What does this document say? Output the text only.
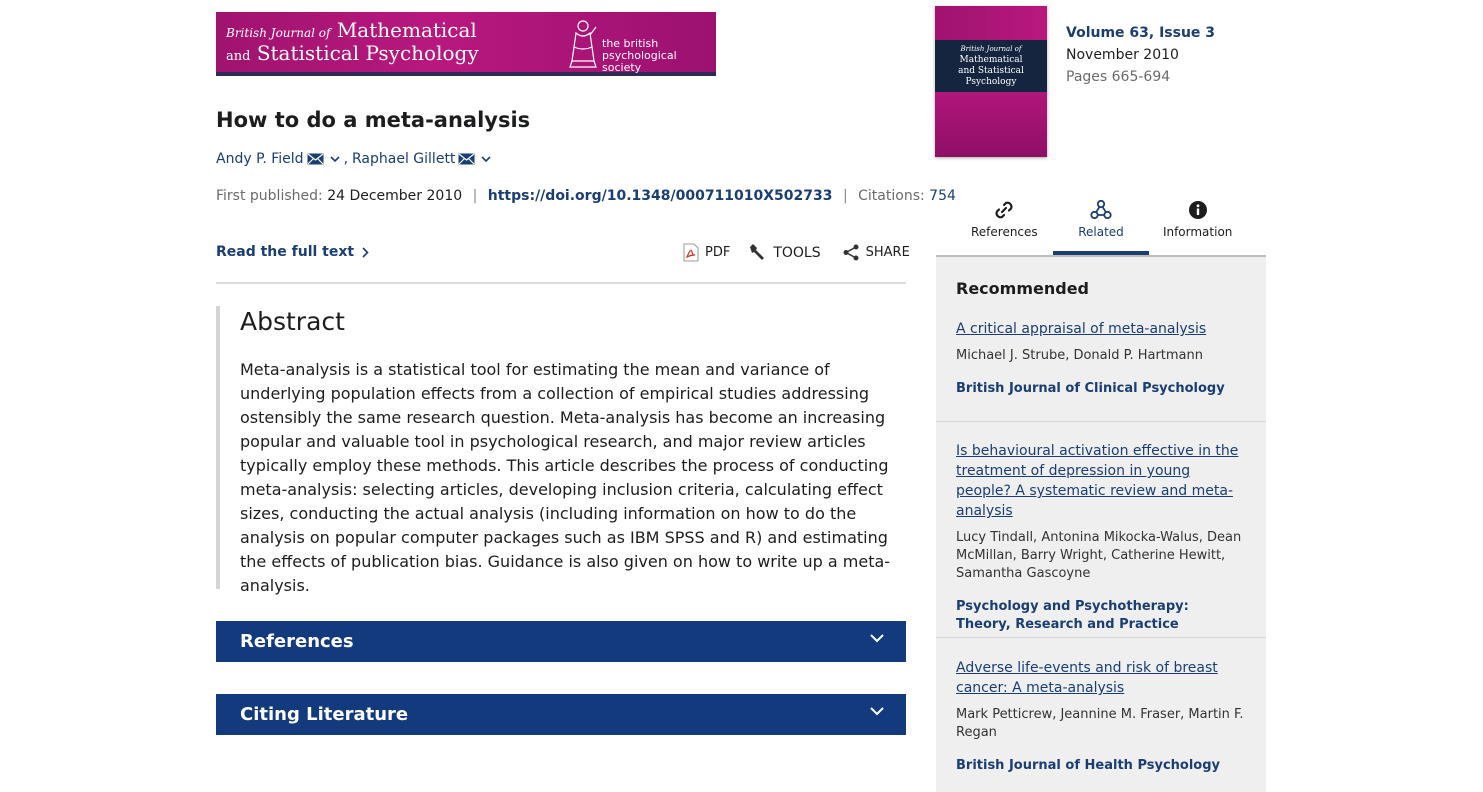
British Journal of Mathematical
and Statistical Psychology	the british
psychological society
How to do a meta-analysis
Andy P. Field	, Raphael Gillett
First published: 24 December 2010 | https://doi.org/10.1348/000711010X502733 | Citations: 754
Read the full text	PDF	TOOLS	SHARE
Abstract

Meta-analysis is a statistical tool for estimating the mean and variance of underlying population effects from a collection of empirical studies addressing ostensibly the same research question. Meta-analysis has become an increasing popular and valuable tool in psychological research, and major review articles typically employ these methods. This article describes the process of conducting meta-analysis: selecting articles, developing inclusion criteria, calculating effect sizes, conducting the actual analysis (including information on how to do the analysis on popular computer packages such as IBM SPSS and R) and estimating the effects of publication bias. Guidance is also given on how to write up a meta-analysis.

References
Citing Literature
British Journal of
Mathematical
and Statistical
Psychology
Volume 63, Issue 3
November 2010
Pages 665-694
References	Related	Information
Recommended
A critical appraisal of meta-analysis
Michael J. Strube, Donald P. Hartmann
British Journal of Clinical Psychology
Is behavioural activation effective in the treatment of depression in young people? A systematic review and meta-analysis
Lucy Tindall, Antonina Mikocka-Walus, Dean McMillan, Barry Wright, Catherine Hewitt, Samantha Gascoyne
Psychology and Psychotherapy: Theory, Research and Practice
Adverse life-events and risk of breast cancer: A meta-analysis
Mark Petticrew, Jeannine M. Fraser, Martin F. Regan
British Journal of Health Psychology
